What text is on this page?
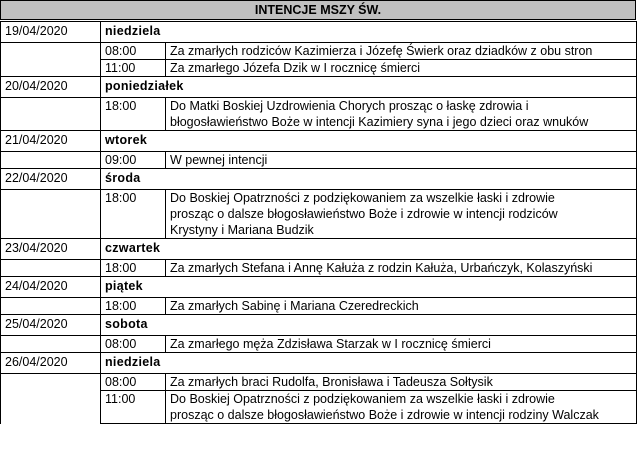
INTENCJE MSZY ŚW.
19/04/2020	niedziela	
	08:00	Za zmarłych rodziców Kazimierza i Józefę Świerk oraz dziadków z obu stron

	11:00	Za zmarłego Józefa Dzik w I rocznicę śmierci

20/04/2020	poniedziałek	
	18:00	Do Matki Boskiej Uzdrowienia Chorych prosząc o łaskę zdrowia i
błogosławieństwo Boże w intencji Kazimiery syna i jego dzieci oraz wnuków

21/04/2020	wtorek	
	09:00	W pewnej intencji

22/04/2020	środa	
	18:00	Do Boskiej Opatrzności z podziękowaniem za wszelkie łaski i zdrowie
prosząc o dalsze błogosławieństwo Boże i zdrowie w intencji rodziców
Krystyny i Mariana Budzik

23/04/2020	czwartek	
	18:00	Za zmarłych Stefana i Annę Kałuża z rodzin Kałuża, Urbańczyk, Kolaszyński

24/04/2020	piątek	
	18:00	Za zmarłych Sabinę i Mariana Czeredreckich

25/04/2020	sobota	
	08:00	Za zmarłego męża Zdzisława Starzak w I rocznicę śmierci

26/04/2020	niedziela	
	08:00	Za zmarłych braci Rudolfa, Bronisława i Tadeusza Sołtysik

	11:00	Do Boskiej Opatrzności z podziękowaniem za wszelkie łaski i zdrowie
prosząc o dalsze błogosławieństwo Boże i zdrowie w intencji rodziny Walczak
